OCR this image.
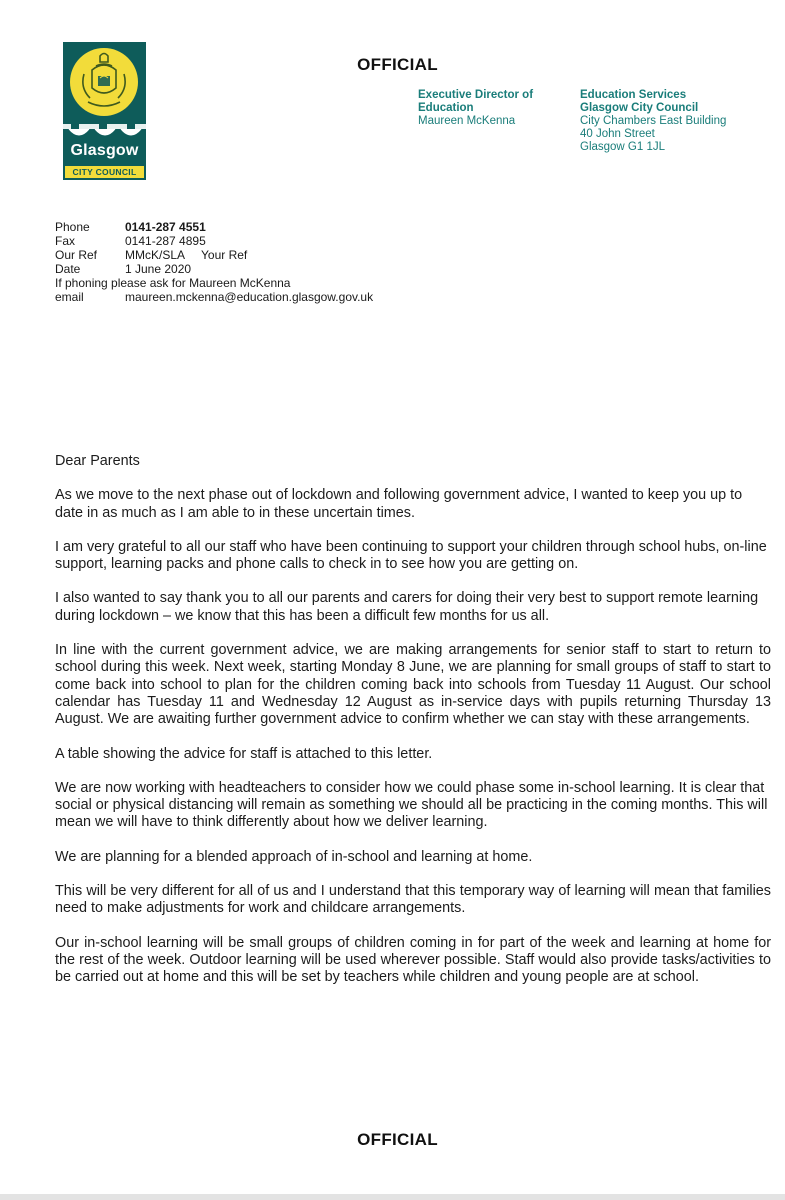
Glasgow
CITY COUNCIL
OFFICIAL
Executive Director of
Education
Maureen McKenna
Education Services
Glasgow City Council
City Chambers East Building
40 John Street
Glasgow G1 1JL
Phone	0141-287 4551
Fax	0141-287 4895
Our Ref	MMcK/SLA Your Ref
Date	1 June 2020
If phoning please ask for Maureen McKenna
email	maureen.mckenna@education.glasgow.gov.uk

Dear Parents

As we move to the next phase out of lockdown and following government advice, I wanted to keep you up to date in as much as I am able to in these uncertain times.

I am very grateful to all our staff who have been continuing to support your children through school hubs, on-line support, learning packs and phone calls to check in to see how you are getting on.

I also wanted to say thank you to all our parents and carers for doing their very best to support remote learning during lockdown – we know that this has been a difficult few months for us all.

In line with the current government advice, we are making arrangements for senior staff to start to return to school during this week. Next week, starting Monday 8 June, we are planning for small groups of staff to start to come back into school to plan for the children coming back into schools from Tuesday 11 August. Our school calendar has Tuesday 11 and Wednesday 12 August as in-service days with pupils returning Thursday 13 August. We are awaiting further government advice to confirm whether we can stay with these arrangements.

A table showing the advice for staff is attached to this letter.

We are now working with headteachers to consider how we could phase some in-school learning. It is clear that social or physical distancing will remain as something we should all be practicing in the coming months. This will mean we will have to think differently about how we deliver learning.

We are planning for a blended approach of in-school and learning at home.

This will be very different for all of us and I understand that this temporary way of learning will mean that families need to make adjustments for work and childcare arrangements.

Our in-school learning will be small groups of children coming in for part of the week and learning at home for the rest of the week. Outdoor learning will be used wherever possible. Staff would also provide tasks/activities to be carried out at home and this will be set by teachers while children and young people are at school.

OFFICIAL
